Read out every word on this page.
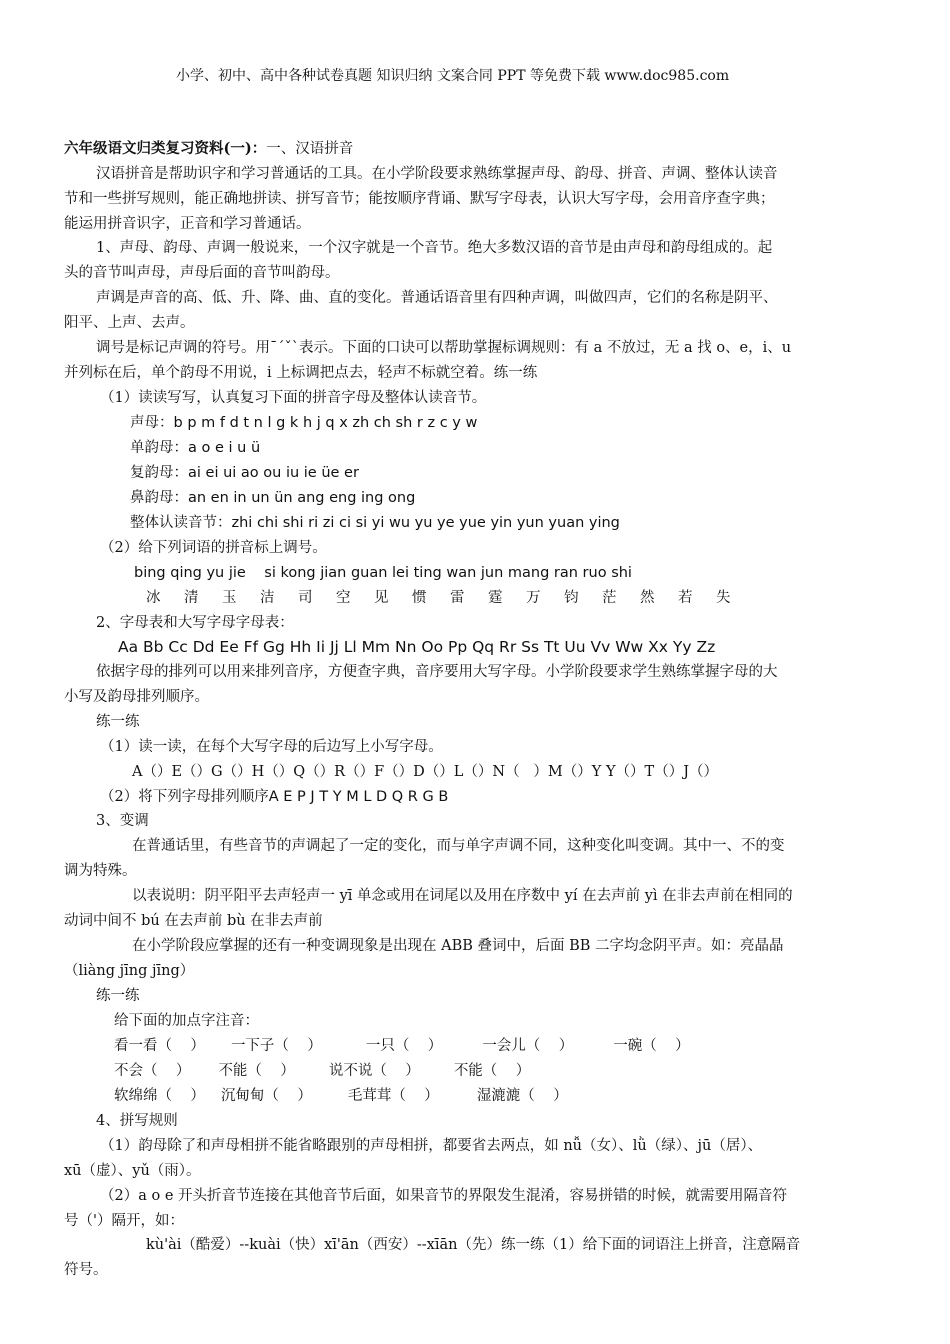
小学、初中、高中各种试卷真题 知识归纳 文案合同 PPT 等免费下载 www.doc985.com
六年级语文归类复习资料(一)：一、汉语拼音
汉语拼音是帮助识字和学习普通话的工具。在小学阶段要求熟练掌握声母、韵母、拼音、声调、整体认读音
节和一些拼写规则，能正确地拼读、拼写音节；能按顺序背诵、默写字母表，认识大写字母，会用音序查字典；
能运用拼音识字，正音和学习普通话。
1、声母、韵母、声调一般说来，一个汉字就是一个音节。绝大多数汉语的音节是由声母和韵母组成的。起
头的音节叫声母，声母后面的音节叫韵母。
声调是声音的高、低、升、降、曲、直的变化。普通话语音里有四种声调，叫做四声，它们的名称是阴平、
阳平、上声、去声。
调号是标记声调的符号。用ˉˊˇˋ表示。下面的口诀可以帮助掌握标调规则：有 a 不放过，无 a 找 o、e，i、u
并列标在后，单个韵母不用说，i 上标调把点去，轻声不标就空着。练一练
（1）读读写写，认真复习下面的拼音字母及整体认读音节。
声母：b p m f d t n l g k h j q x zh ch sh r z c y w
单韵母：a o e i u ü
复韵母：ai ei ui ao ou iu ie üe er
鼻韵母：an en in un ün ang eng ing ong
整体认读音节：zhi chi shi ri zi ci si yi wu yu ye yue yin yun yuan ying
（2）给下列词语的拼音标上调号。
bing qing yu jie    si kong jian guan lei ting wan jun mang ran ruo shi
冰 清 玉 洁 司 空 见 惯 雷 霆 万 钧 茫 然 若 失
2、字母表和大写字母字母表：
Aa Bb Cc Dd Ee Ff Gg Hh Ii Jj Ll Mm Nn Oo Pp Qq Rr Ss Tt Uu Vv Ww Xx Yy Zz
依据字母的排列可以用来排列音序，方便查字典，音序要用大写字母。小学阶段要求学生熟练掌握字母的大
小写及韵母排列顺序。
练一练
（1）读一读，在每个大写字母的后边写上小写字母。
A（）E（）G（）H（）Q（）R（）F（）D（）L（）N（   ）M（）Y Y（）T（）J（）
（2）将下列字母排列顺序A E P J T Y M L D Q R G B
3、变调
在普通话里，有些音节的声调起了一定的变化，而与单字声调不同，这种变化叫变调。其中一、不的变
调为特殊。
以表说明：阴平阳平去声轻声一 yī 单念或用在词尾以及用在序数中 yí 在去声前 yì 在非去声前在相同的
动词中间不 bú 在去声前 bù 在非去声前
在小学阶段应掌握的还有一种变调现象是出现在 ABB 叠词中，后面 BB 二字均念阴平声。如：亮晶晶
（liàng jīng jīng）
练一练
给下面的加点字注音：
看一看（    ） 一下子（    ）	一只（    ）	一会儿（    ）	一碗（    ）
不会（    ） 不能（    ） 说不说（    ） 不能（    ）
软绵绵（    ） 沉甸甸（    ） 毛茸茸（    ）	湿漉漉（    ）
4、拼写规则
（1）韵母除了和声母相拼不能省略跟别的声母相拼，都要省去两点，如 nǚ（女）、lǜ（绿）、jū（居）、
xū（虚）、yǔ（雨）。
（2）a o e 开头折音节连接在其他音节后面，如果音节的界限发生混淆，容易拼错的时候，就需要用隔音符
号（'）隔开，如：
kù'ài（酷爱）--kuài（快）xī'ān（西安）--xīān（先）练一练（1）给下面的词语注上拼音，注意隔音
符号。
